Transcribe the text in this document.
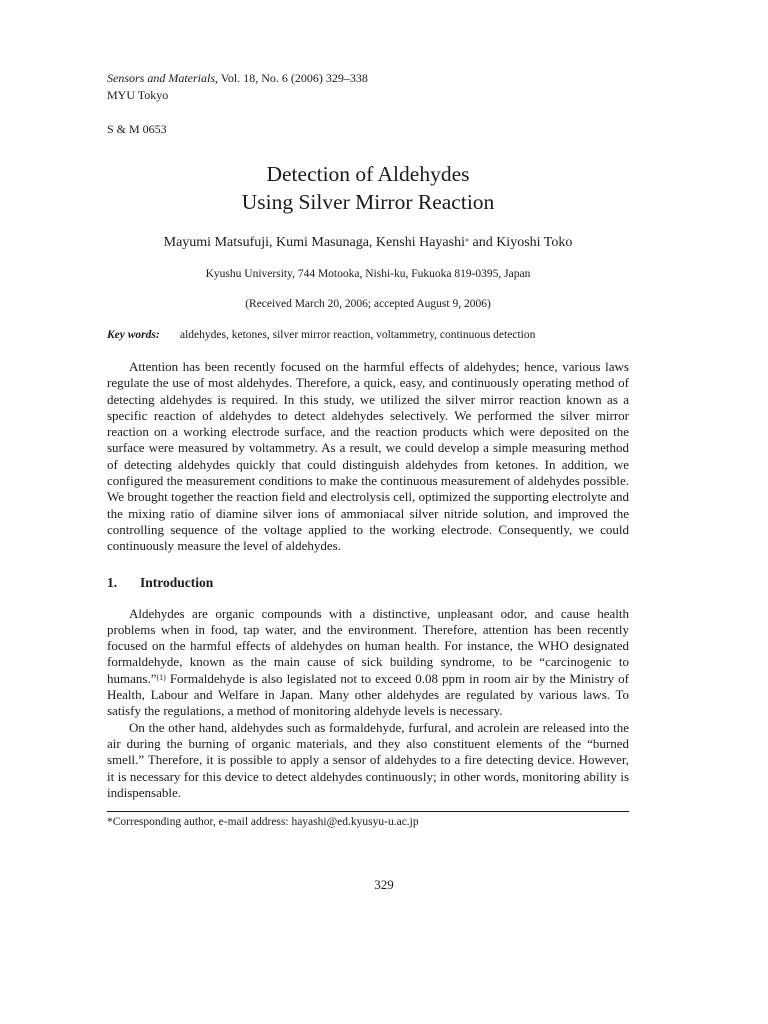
Sensors and Materials, Vol. 18, No. 6 (2006) 329–338

MYU Tokyo

S & M 0653

Detection of Aldehydes
Using Silver Mirror Reaction

Mayumi Matsufuji, Kumi Masunaga, Kenshi Hayashi* and Kiyoshi Toko

Kyushu University, 744 Motooka, Nishi-ku, Fukuoka 819-0395, Japan

(Received March 20, 2006; accepted August 9, 2006)

Key words: aldehydes, ketones, silver mirror reaction, voltammetry, continuous detection

Attention has been recently focused on the harmful effects of aldehydes; hence, various laws regulate the use of most aldehydes. Therefore, a quick, easy, and continuously operating method of detecting aldehydes is required. In this study, we utilized the silver mirror reaction known as a specific reaction of aldehydes to detect aldehydes selectively. We performed the silver mirror reaction on a working electrode surface, and the reaction products which were deposited on the surface were measured by voltammetry. As a result, we could develop a simple measuring method of detecting aldehydes quickly that could distinguish aldehydes from ketones. In addition, we configured the measurement conditions to make the continuous measurement of aldehydes possible. We brought together the reaction field and electrolysis cell, optimized the supporting electrolyte and the mixing ratio of diamine silver ions of ammoniacal silver nitride solution, and improved the controlling sequence of the voltage applied to the working electrode. Consequently, we could continuously measure the level of aldehydes.

1. Introduction

Aldehydes are organic compounds with a distinctive, unpleasant odor, and cause health problems when in food, tap water, and the environment. Therefore, attention has been recently focused on the harmful effects of aldehydes on human health. For instance, the WHO designated formaldehyde, known as the main cause of sick building syndrome, to be “carcinogenic to humans.”$^{(1)}$ Formaldehyde is also legislated not to exceed 0.08 ppm in room air by the Ministry of Health, Labour and Welfare in Japan. Many other aldehydes are regulated by various laws. To satisfy the regulations, a method of monitoring aldehyde levels is necessary.

On the other hand, aldehydes such as formaldehyde, furfural, and acrolein are released into the air during the burning of organic materials, and they also constituent elements of the “burned smell.” Therefore, it is possible to apply a sensor of aldehydes to a fire detecting device. However, it is necessary for this device to detect aldehydes continuously; in other words, monitoring ability is indispensable.

*Corresponding author, e-mail address: hayashi@ed.kyusyu-u.ac.jp

329
